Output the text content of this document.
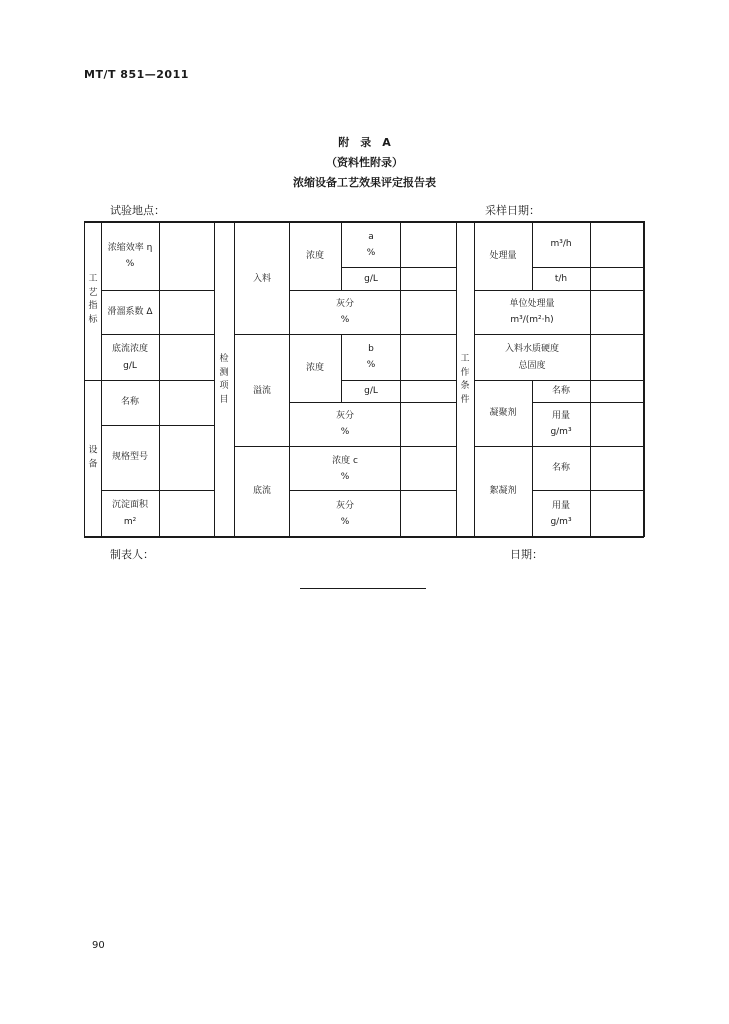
MT/T 851—2011
附　录　A
（资料性附录）
浓缩设备工艺效果评定报告表
试验地点：	采样日期：
工艺指标
浓缩效率 η
%
滑溜系数 Δ
底流浓度
g/L
设备
名称
规格型号
沉淀面积
m²
检测项目
入料
溢流
底流
浓度
a
%
g/L
灰分
%
浓度
b
%
g/L
灰分
%
浓度 c
%
灰分
%
工作条件
处理量
m³/h
t/h
单位处理量
m³/(m²·h)
入料水质硬度
总固度
凝聚剂
名称
用量
g/m³
絮凝剂
名称
用量
g/m³
制表人：	日期：
90
